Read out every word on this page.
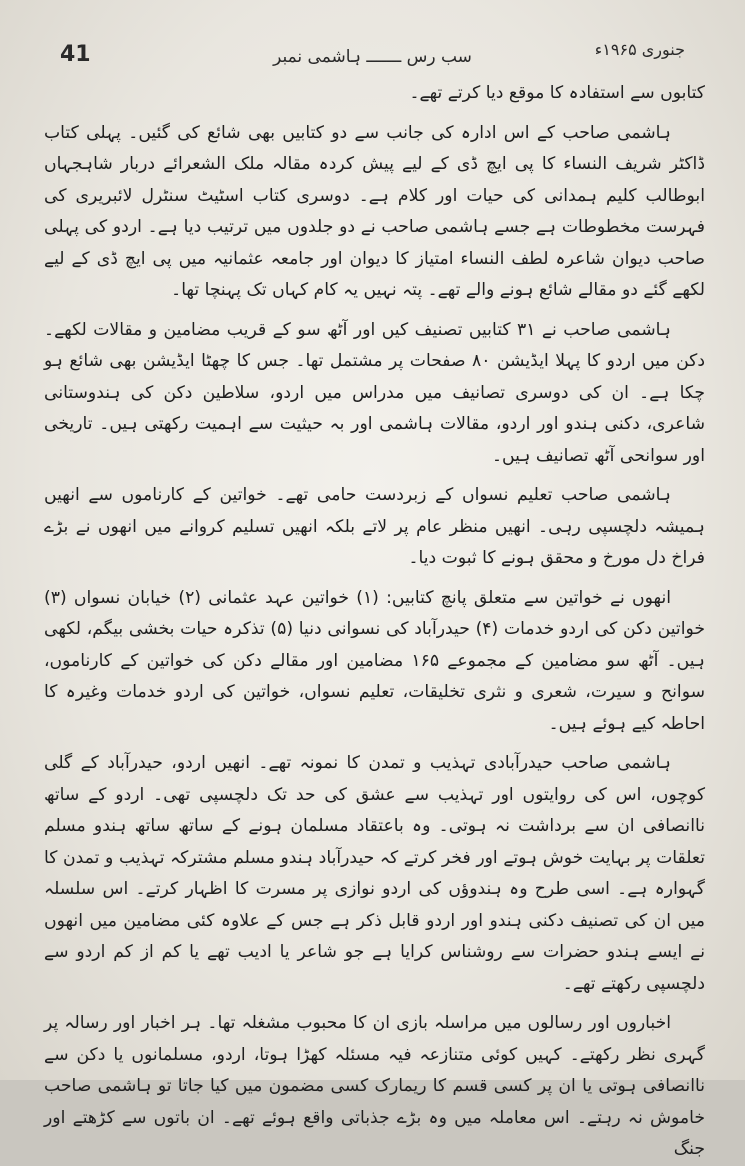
41	سب رس ـــــــ ہاشمی نمبر	جنوری ۱۹۶۵ء

کتابوں سے استفادہ کا موقع دیا کرتے تھے۔

ہاشمی صاحب کے اس ادارہ کی جانب سے دو کتابیں بھی شائع کی گئیں۔ پہلی کتاب ڈاکٹر شریف النساء کا پی ایچ ڈی کے لیے پیش کردہ مقالہ ملک الشعرائے دربار شاہجہاں ابوطالب کلیم ہمدانی کی حیات اور کلام ہے۔ دوسری کتاب اسٹیٹ سنٹرل لائبریری کی فہرست مخطوطات ہے جسے ہاشمی صاحب نے دو جلدوں میں ترتیب دیا ہے۔ اردو کی پہلی صاحب دیوان شاعرہ لطف النساء امتیاز کا دیوان اور جامعہ عثمانیہ میں پی ایچ ڈی کے لیے لکھے گئے دو مقالے شائع ہونے والے تھے۔ پتہ نہیں یہ کام کہاں تک پہنچا تھا۔

ہاشمی صاحب نے ۳۱ کتابیں تصنیف کیں اور آٹھ سو کے قریب مضامین و مقالات لکھے۔ دکن میں اردو کا پہلا ایڈیشن ۸۰ صفحات پر مشتمل تھا۔ جس کا چھٹا ایڈیشن بھی شائع ہو چکا ہے۔ ان کی دوسری تصانیف میں مدراس میں اردو، سلاطین دکن کی ہندوستانی شاعری، دکنی ہندو اور اردو، مقالات ہاشمی اور بہ حیثیت سے اہمیت رکھتی ہیں۔ تاریخی اور سوانحی آٹھ تصانیف ہیں۔

ہاشمی صاحب تعلیم نسواں کے زبردست حامی تھے۔ خواتین کے کارناموں سے انھیں ہمیشہ دلچسپی رہی۔ انھیں منظر عام پر لاتے بلکہ انھیں تسلیم کروانے میں انھوں نے بڑے فراخ دل مورخ و محقق ہونے کا ثبوت دیا۔

انھوں نے خواتین سے متعلق پانچ کتابیں: (۱) خواتین عہد عثمانی (۲) خیابان نسواں (۳) خواتین دکن کی اردو خدمات (۴) حیدرآباد کی نسوانی دنیا (۵) تذکرہ حیات بخشی بیگم، لکھی ہیں۔ آٹھ سو مضامین کے مجموعے ۱۶۵ مضامین اور مقالے دکن کی خواتین کے کارناموں، سوانح و سیرت، شعری و نثری تخلیقات، تعلیم نسواں، خواتین کی اردو خدمات وغیرہ کا احاطہ کیے ہوئے ہیں۔

ہاشمی صاحب حیدرآبادی تہذیب و تمدن کا نمونہ تھے۔ انھیں اردو، حیدرآباد کے گلی کوچوں، اس کی روایتوں اور تہذیب سے عشق کی حد تک دلچسپی تھی۔ اردو کے ساتھ ناانصافی ان سے برداشت نہ ہوتی۔ وہ باعتقاد مسلمان ہونے کے ساتھ ساتھ ہندو مسلم تعلقات پر بہایت خوش ہوتے اور فخر کرتے کہ حیدرآباد ہندو مسلم مشترکہ تہذیب و تمدن کا گہوارہ ہے۔ اسی طرح وہ ہندوؤں کی اردو نوازی پر مسرت کا اظہار کرتے۔ اس سلسلہ میں ان کی تصنیف دکنی ہندو اور اردو قابل ذکر ہے جس کے علاوہ کئی مضامین میں انھوں نے ایسے ہندو حضرات سے روشناس کرایا ہے جو شاعر یا ادیب تھے یا کم از کم اردو سے دلچسپی رکھتے تھے۔

اخباروں اور رسالوں میں مراسلہ بازی ان کا محبوب مشغلہ تھا۔ ہر اخبار اور رسالہ پر گہری نظر رکھتے۔ کہیں کوئی متنازعہ فیہ مسئلہ کھڑا ہوتا، اردو، مسلمانوں یا دکن سے ناانصافی ہوتی یا ان پر کسی قسم کا ریمارک کسی مضمون میں کیا جاتا تو ہاشمی صاحب خاموش نہ رہتے۔ اس معاملہ میں وہ بڑے جذباتی واقع ہوئے تھے۔ ان باتوں سے کڑھتے اور جنگ
